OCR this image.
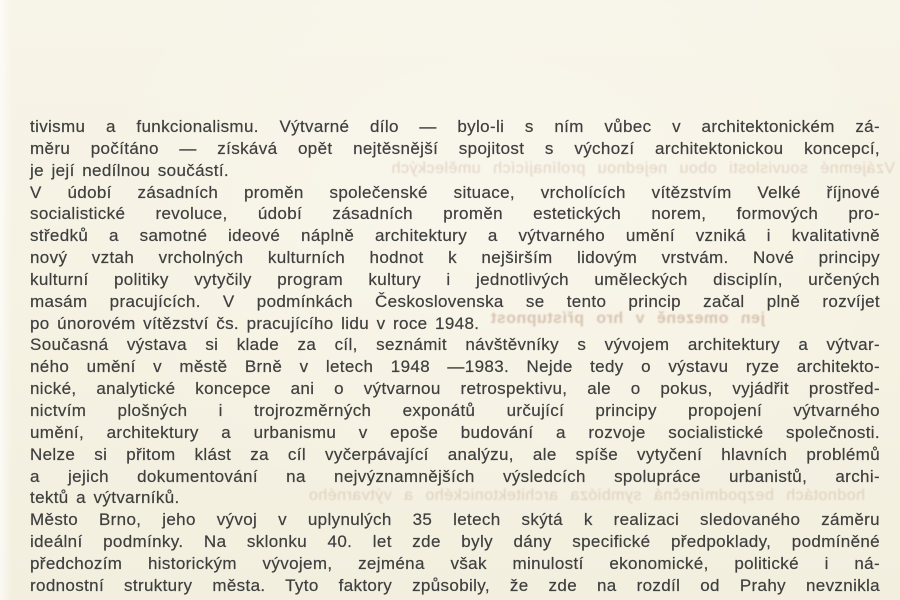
Vzájemné souvislosti obou nejednou prolínajících uměleckých
jen omezeně v hro přístupnost
hodnotách bezpodmínečná symbióza architektonického a výtvarného
tivismu a funkcionalismu. Výtvarné dílo — bylo-li s ním vůbec v architektonickém zá-
měru počítáno — získává opět nejtěsnější spojitost s výchozí architektonickou koncepcí,
je její nedílnou součástí.
V údobí zásadních proměn společenské situace, vrcholících vítězstvím Velké říjnové
socialistické revoluce, údobí zásadních proměn estetických norem, formových pro-
středků a samotné ideové náplně architektury a výtvarného umění vzniká i kvalitativně
nový vztah vrcholných kulturních hodnot k nejširším lidovým vrstvám. Nové principy
kulturní politiky vytyčily program kultury i jednotlivých uměleckých disciplín, určených
masám pracujících. V podmínkách Československa se tento princip začal plně rozvíjet
po únorovém vítězství čs. pracujícího lidu v roce 1948.
Současná výstava si klade za cíl, seznámit návštěvníky s vývojem architektury a výtvar-
ného umění v městě Brně v letech 1948 —1983. Nejde tedy o výstavu ryze architekto-
nické, analytické koncepce ani o výtvarnou retrospektivu, ale o pokus, vyjádřit prostřed-
nictvím plošných i trojrozměrných exponátů určující principy propojení výtvarného
umění, architektury a urbanismu v epoše budování a rozvoje socialistické společnosti.
Nelze si přitom klást za cíl vyčerpávající analýzu, ale spíše vytyčení hlavních problémů
a jejich dokumentování na nejvýznamnějších výsledcích spolupráce urbanistů, archi-
tektů a výtvarníků.
Město Brno, jeho vývoj v uplynulých 35 letech skýtá k realizaci sledovaného záměru
ideální podmínky. Na sklonku 40. let zde byly dány specifické předpoklady, podmíněné
předchozím historickým vývojem, zejména však minulostí ekonomické, politické i ná-
rodnostní struktury města. Tyto faktory způsobily, že zde na rozdíl od Prahy nevznikla
